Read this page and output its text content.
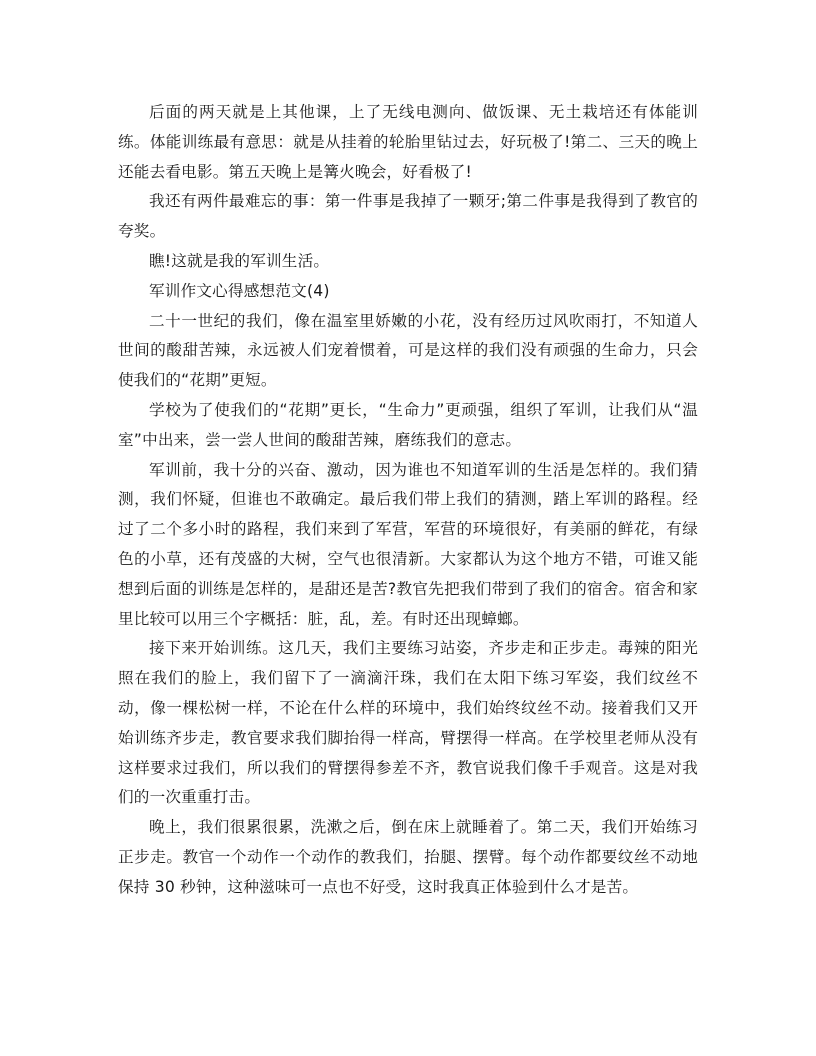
后面的两天就是上其他课，上了无线电测向、做饭课、无土栽培还有体能训练。体能训练最有意思：就是从挂着的轮胎里钻过去，好玩极了!第二、三天的晚上还能去看电影。第五天晚上是篝火晚会，好看极了!

我还有两件最难忘的事：第一件事是我掉了一颗牙;第二件事是我得到了教官的夸奖。

瞧!这就是我的军训生活。

军训作文心得感想范文(4)

二十一世纪的我们，像在温室里娇嫩的小花，没有经历过风吹雨打，不知道人世间的酸甜苦辣，永远被人们宠着惯着，可是这样的我们没有顽强的生命力，只会使我们的“花期”更短。

学校为了使我们的“花期”更长，“生命力”更顽强，组织了军训，让我们从“温室”中出来，尝一尝人世间的酸甜苦辣，磨练我们的意志。

军训前，我十分的兴奋、激动，因为谁也不知道军训的生活是怎样的。我们猜测，我们怀疑，但谁也不敢确定。最后我们带上我们的猜测，踏上军训的路程。经过了二个多小时的路程，我们来到了军营，军营的环境很好，有美丽的鲜花，有绿色的小草，还有茂盛的大树，空气也很清新。大家都认为这个地方不错，可谁又能想到后面的训练是怎样的，是甜还是苦?教官先把我们带到了我们的宿舍。宿舍和家里比较可以用三个字概括：脏，乱，差。有时还出现蟑螂。

接下来开始训练。这几天，我们主要练习站姿，齐步走和正步走。毒辣的阳光照在我们的脸上，我们留下了一滴滴汗珠，我们在太阳下练习军姿，我们纹丝不动，像一棵松树一样，不论在什么样的环境中，我们始终纹丝不动。接着我们又开始训练齐步走，教官要求我们脚抬得一样高，臂摆得一样高。在学校里老师从没有这样要求过我们，所以我们的臂摆得参差不齐，教官说我们像千手观音。这是对我们的一次重重打击。

晚上，我们很累很累，洗漱之后，倒在床上就睡着了。第二天，我们开始练习正步走。教官一个动作一个动作的教我们，抬腿、摆臂。每个动作都要纹丝不动地保持 30 秒钟，这种滋味可一点也不好受，这时我真正体验到什么才是苦。
